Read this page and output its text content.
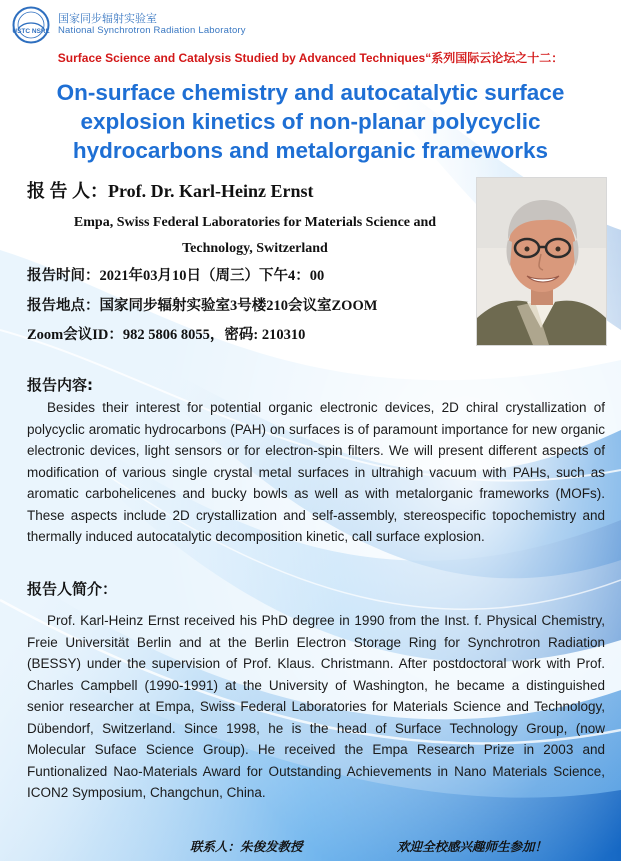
USTC NSRL
国家同步辐射实验室
National Synchrotron Radiation Laboratory
Surface Science and Catalysis Studied by Advanced Techniques“系列国际云论坛之十二：
On-surface chemistry and autocatalytic surface
explosion kinetics of non-planar polycyclic
hydrocarbons and metalorganic frameworks
报 告 人：Prof. Dr. Karl-Heinz Ernst
Empa, Swiss Federal Laboratories for Materials Science and Technology, Switzerland
报告时间：2021年03月10日（周三）下午4：00
报告地点：国家同步辐射实验室3号楼210会议室ZOOM
Zoom会议ID：982 5806 8055，密码: 210310
报告内容:
Besides their interest for potential organic electronic devices, 2D chiral crystallization of polycyclic aromatic hydrocarbons (PAH) on surfaces is of paramount importance for new organic electronic devices, light sensors or for electron-spin filters. We will present different aspects of modification of various single crystal metal surfaces in ultrahigh vacuum with PAHs, such as aromatic carbohelicenes and bucky bowls as well as with metalorganic frameworks (MOFs). These aspects include 2D crystallization and self-assembly, stereospecific topochemistry and thermally induced autocatalytic decomposition kinetic, call surface explosion.
报告人简介：
Prof. Karl-Heinz Ernst received his PhD degree in 1990 from the Inst. f. Physical Chemistry, Freie Universität Berlin and at the Berlin Electron Storage Ring for Synchrotron Radiation (BESSY) under the supervision of Prof. Klaus. Christmann. After postdoctoral work with Prof. Charles Campbell (1990-1991) at the University of Washington, he became a distinguished senior researcher at Empa, Swiss Federal Laboratories for Materials Science and Technology, Dübendorf, Switzerland. Since 1998, he is the head of Surface Technology Group, (now Molecular Suface Science Group). He received the Empa Research Prize in 2003 and Funtionalized Nao-Materials Award for Outstanding Achievements in Nano Materials Science, ICON2 Symposium, Changchun, China.
联系人：朱俊发教授	欢迎全校感兴趣师生参加！
